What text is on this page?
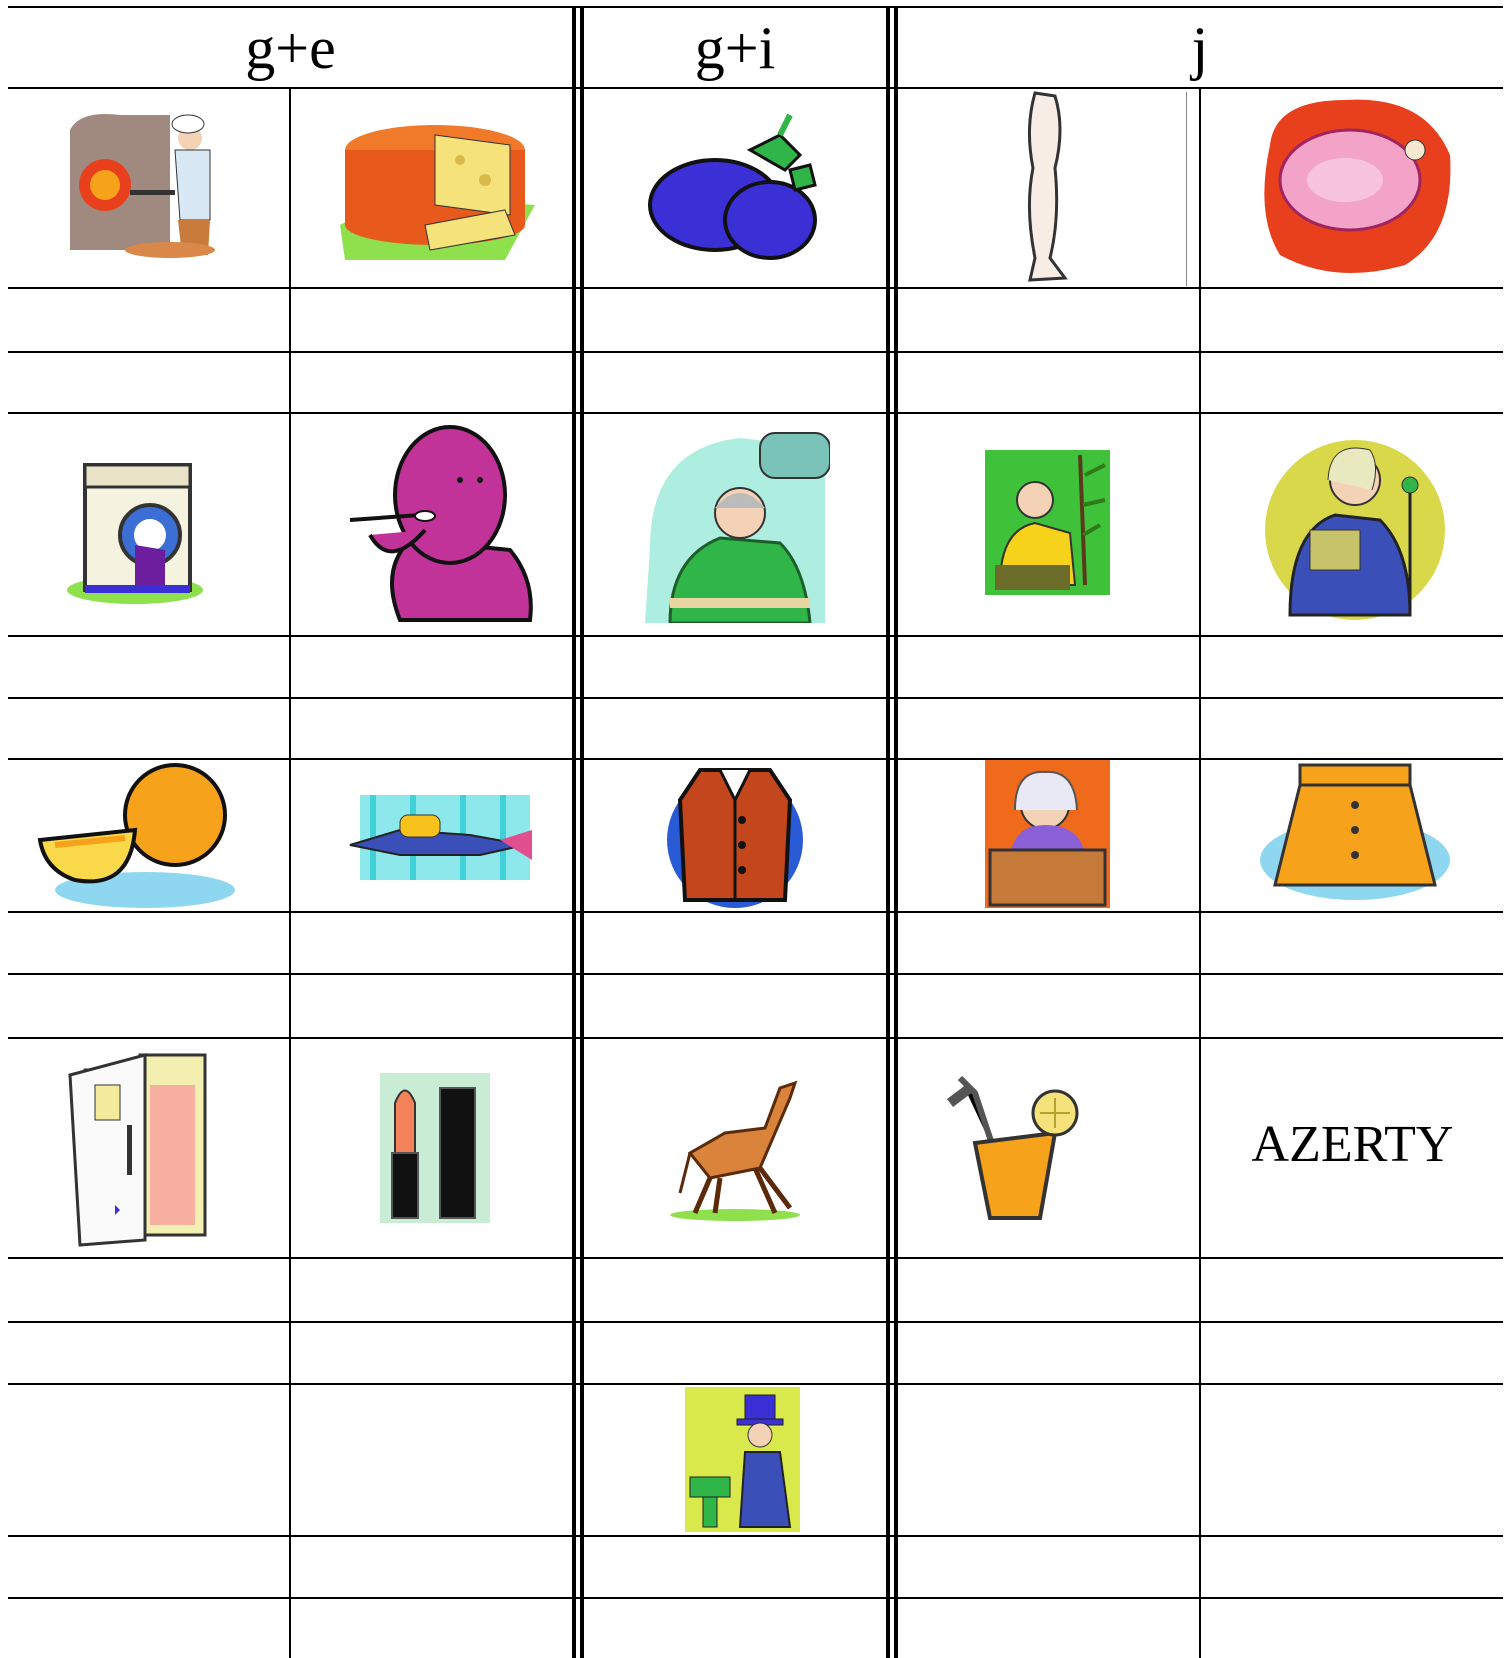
g+e	g+i	j
AZERTY
